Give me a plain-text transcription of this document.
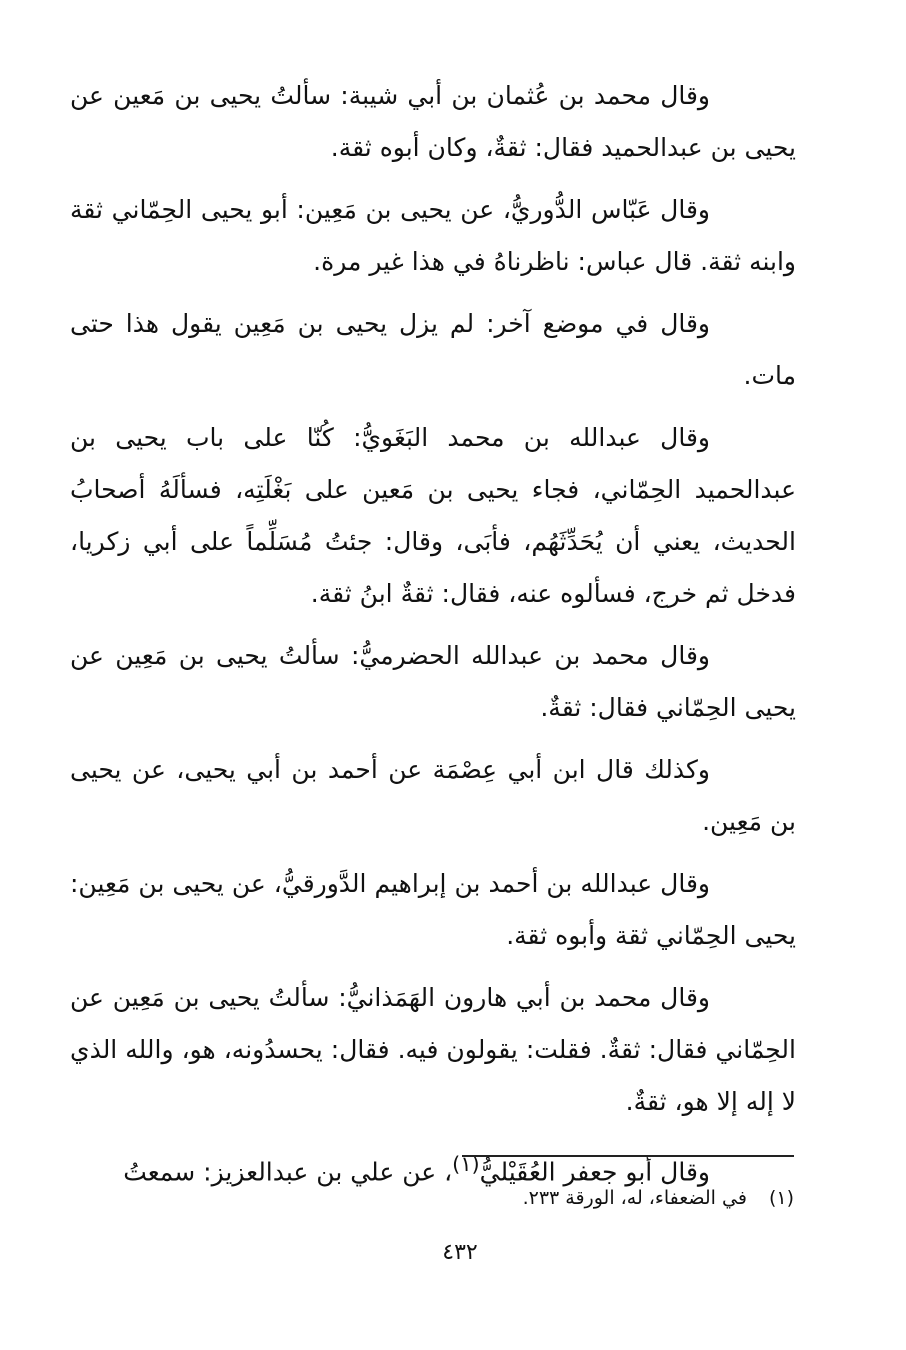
وقال محمد بن عُثمان بن أبي شيبة: سألتُ يحيى بن مَعين عن يحيى بن عبدالحميد فقال: ثقةٌ، وكان أبوه ثقة.

وقال عَبّاس الدُّوريُّ، عن يحيى بن مَعِين: أبو يحيى الحِمّاني ثقة وابنه ثقة. قال عباس: ناظرناهُ في هذا غير مرة.

وقال في موضع آخر: لم يزل يحيى بن مَعِين يقول هذا حتى مات.

وقال عبدالله بن محمد البَغَويُّ: كُنّا على باب يحيى بن عبدالحميد الحِمّاني، فجاء يحيى بن مَعين على بَغْلَتِه، فسألَهُ أصحابُ الحديث، يعني أن يُحَدِّثَهُم، فأبَى، وقال: جئتُ مُسَلِّماً على أبي زكريا، فدخل ثم خرج، فسألوه عنه، فقال: ثقةٌ ابنُ ثقة.

وقال محمد بن عبدالله الحضرميُّ: سألتُ يحيى بن مَعِين عن يحيى الحِمّاني فقال: ثقةٌ.

وكذلك قال ابن أبي عِصْمَة عن أحمد بن أبي يحيى، عن يحيى بن مَعِين.

وقال عبدالله بن أحمد بن إبراهيم الدَّورقيُّ، عن يحيى بن مَعِين: يحيى الحِمّاني ثقة وأبوه ثقة.

وقال محمد بن أبي هارون الهَمَذانيُّ: سألتُ يحيى بن مَعِين عن الحِمّاني فقال: ثقةٌ. فقلت: يقولون فيه. فقال: يحسدُونه، هو، والله الذي لا إله إلا هو، ثقةٌ.

وقال أبو جعفر العُقَيْليُّ$^{(١)}$، عن علي بن عبدالعزيز: سمعتُ

(١)في الضعفاء، له، الورقة ٢٣٣.
٤٣٢
